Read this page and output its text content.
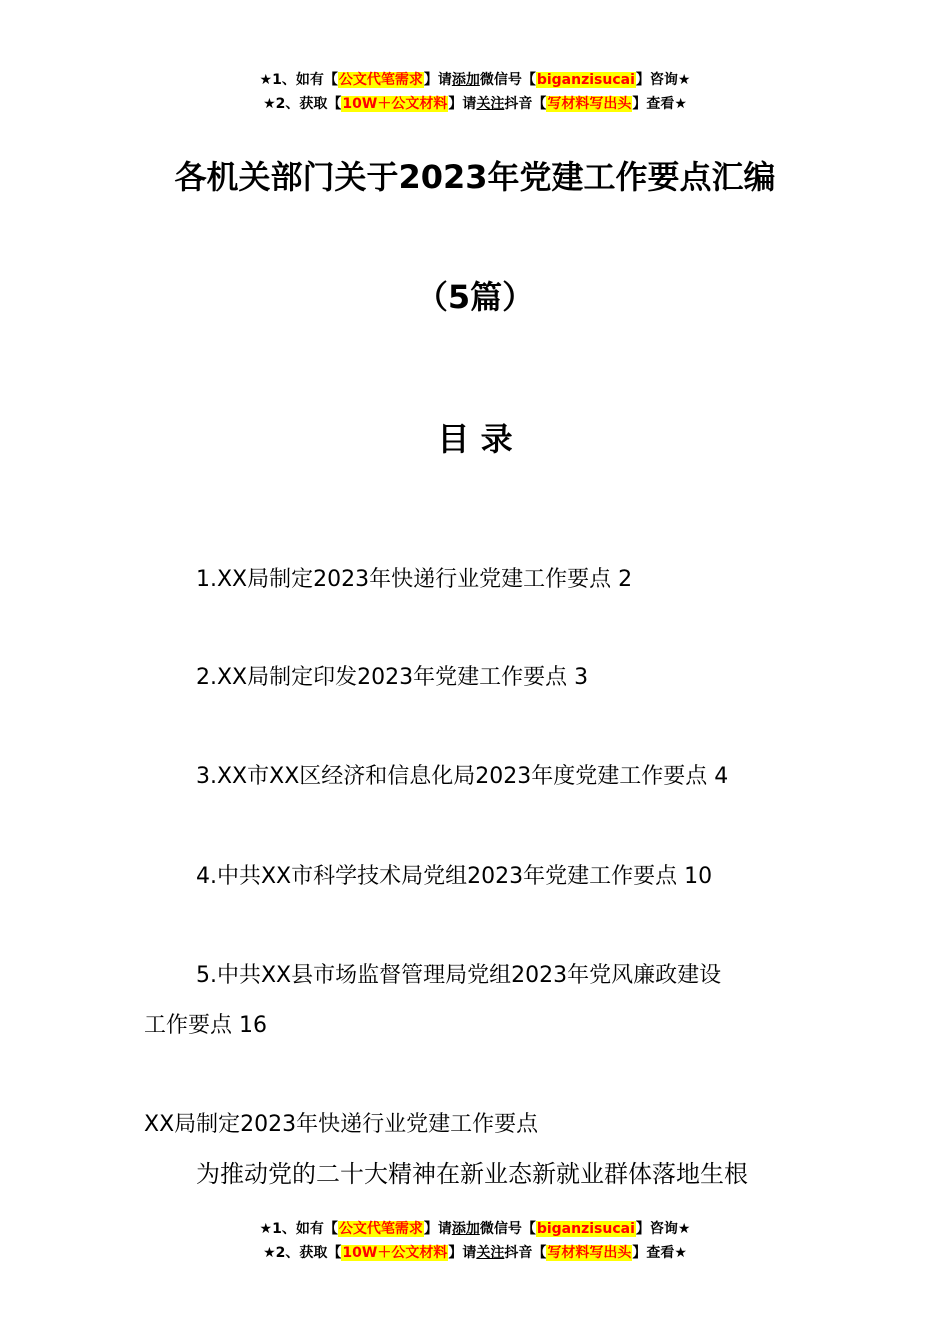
★1、如有【公文代笔需求】请添加微信号【biganzisucai】咨询★
★2、获取【10W＋公文材料】请关注抖音【写材料写出头】查看★
各机关部门关于2023年党建工作要点汇编
（5篇）
目 录
1.XX局制定2023年快递行业党建工作要点 2
2.XX局制定印发2023年党建工作要点 3
3.XX市XX区经济和信息化局2023年度党建工作要点 4
4.中共XX市科学技术局党组2023年党建工作要点 10
5.中共XX县市场监督管理局党组2023年党风廉政建设
工作要点 16
XX局制定2023年快递行业党建工作要点
为推动党的二十大精神在新业态新就业群体落地生根
★1、如有【公文代笔需求】请添加微信号【biganzisucai】咨询★
★2、获取【10W＋公文材料】请关注抖音【写材料写出头】查看★
